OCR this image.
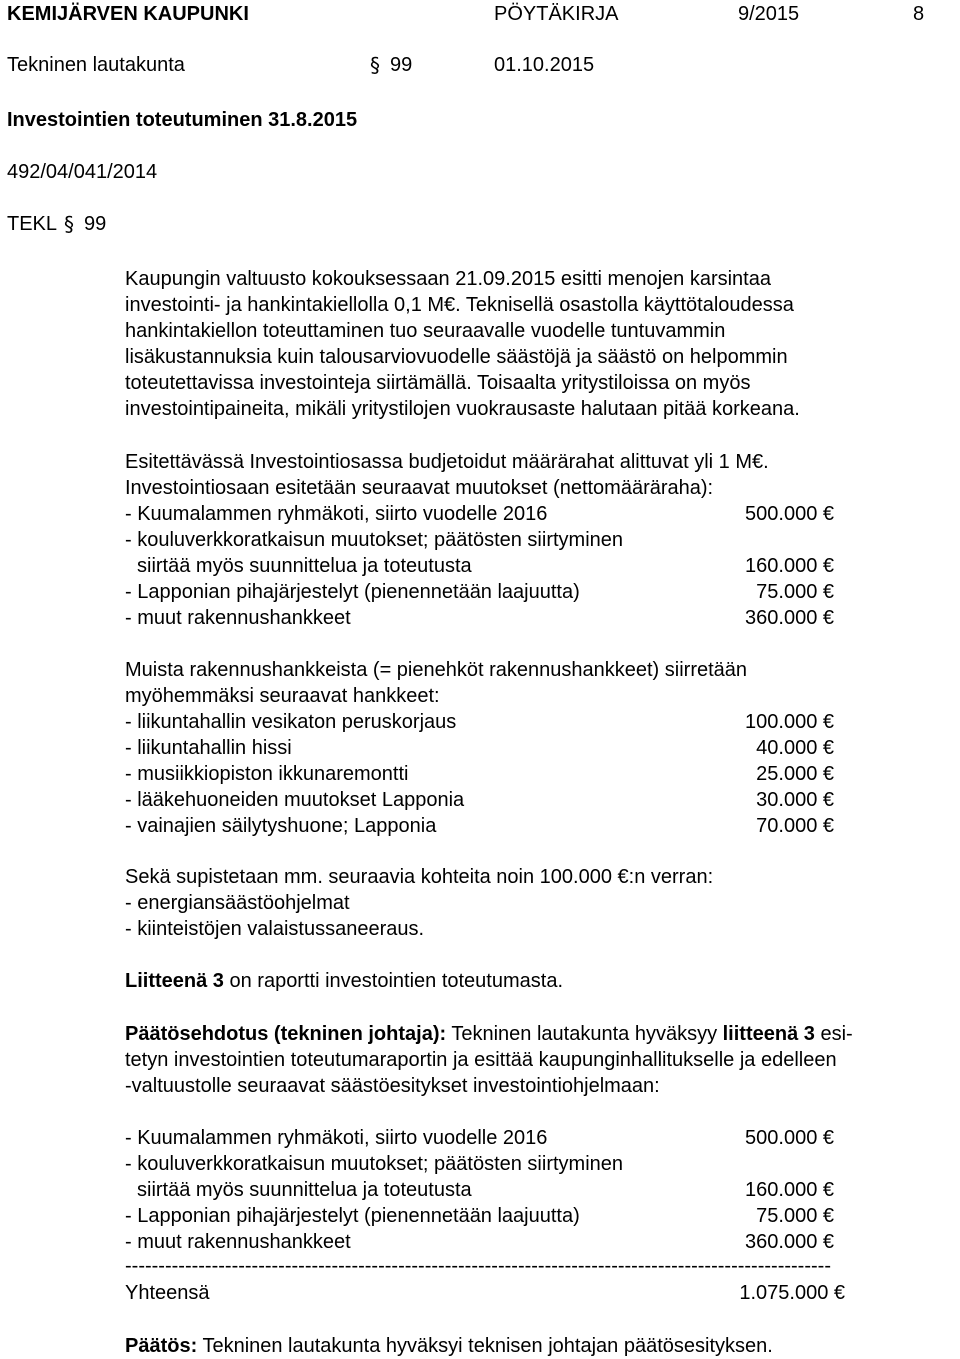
KEMIJÄRVEN KAUPUNKI	PÖYTÄKIRJA	9/2015	8
Tekninen lautakunta	§ 99	01.10.2015
Investointien toteutuminen 31.8.2015
492/04/041/2014
TEKL § 99
Kaupungin valtuusto kokouksessaan 21.09.2015 esitti menojen karsintaa
investointi- ja hankintakiellolla 0,1 M€. Teknisellä osastolla käyttötaloudessa
hankintakiellon toteuttaminen tuo seuraavalle vuodelle tuntuvammin
lisäkustannuksia kuin talousarviovuodelle säästöjä ja säästö on helpommin
toteutettavissa investointeja siirtämällä. Toisaalta yritystiloissa on myös
investointipaineita, mikäli yritystilojen vuokrausaste halutaan pitää korkeana.
Esitettävässä Investointiosassa budjetoidut määrärahat alittuvat yli 1 M€.
Investointiosaan esitetään seuraavat muutokset (nettomääräraha):
- Kuumalammen ryhmäkoti, siirto vuodelle 2016	500.000 €
- kouluverkkoratkaisun muutokset; päätösten siirtyminen
siirtää myös suunnittelua ja toteutusta	160.000 €
- Lapponian pihajärjestelyt (pienennetään laajuutta)	75.000 €
- muut rakennushankkeet	360.000 €
Muista rakennushankkeista (= pienehköt rakennushankkeet) siirretään
myöhemmäksi seuraavat hankkeet:
- liikuntahallin vesikaton peruskorjaus	100.000 €
- liikuntahallin hissi	40.000 €
- musiikkiopiston ikkunaremontti	25.000 €
- lääkehuoneiden muutokset Lapponia	30.000 €
- vainajien säilytyshuone; Lapponia	70.000 €
Sekä supistetaan mm. seuraavia kohteita noin 100.000 €:n verran:
- energiansäästöohjelmat
- kiinteistöjen valaistussaneeraus.
Liitteenä 3 on raportti investointien toteutumasta.
Päätösehdotus (tekninen johtaja): Tekninen lautakunta hyväksyy liitteenä 3 esi-
tetyn investointien toteutumaraportin ja esittää kaupunginhallitukselle ja edelleen
-valtuustolle seuraavat säästöesitykset investointiohjelmaan:
- Kuumalammen ryhmäkoti, siirto vuodelle 2016	500.000 €
- kouluverkkoratkaisun muutokset; päätösten siirtyminen
siirtää myös suunnittelua ja toteutusta	160.000 €
- Lapponian pihajärjestelyt (pienennetään laajuutta)	75.000 €
- muut rakennushankkeet	360.000 €
----------------------------------------------------------------------------------------------------------
Yhteensä	1.075.000 €
Päätös: Tekninen lautakunta hyväksyi teknisen johtajan päätösesityksen.
